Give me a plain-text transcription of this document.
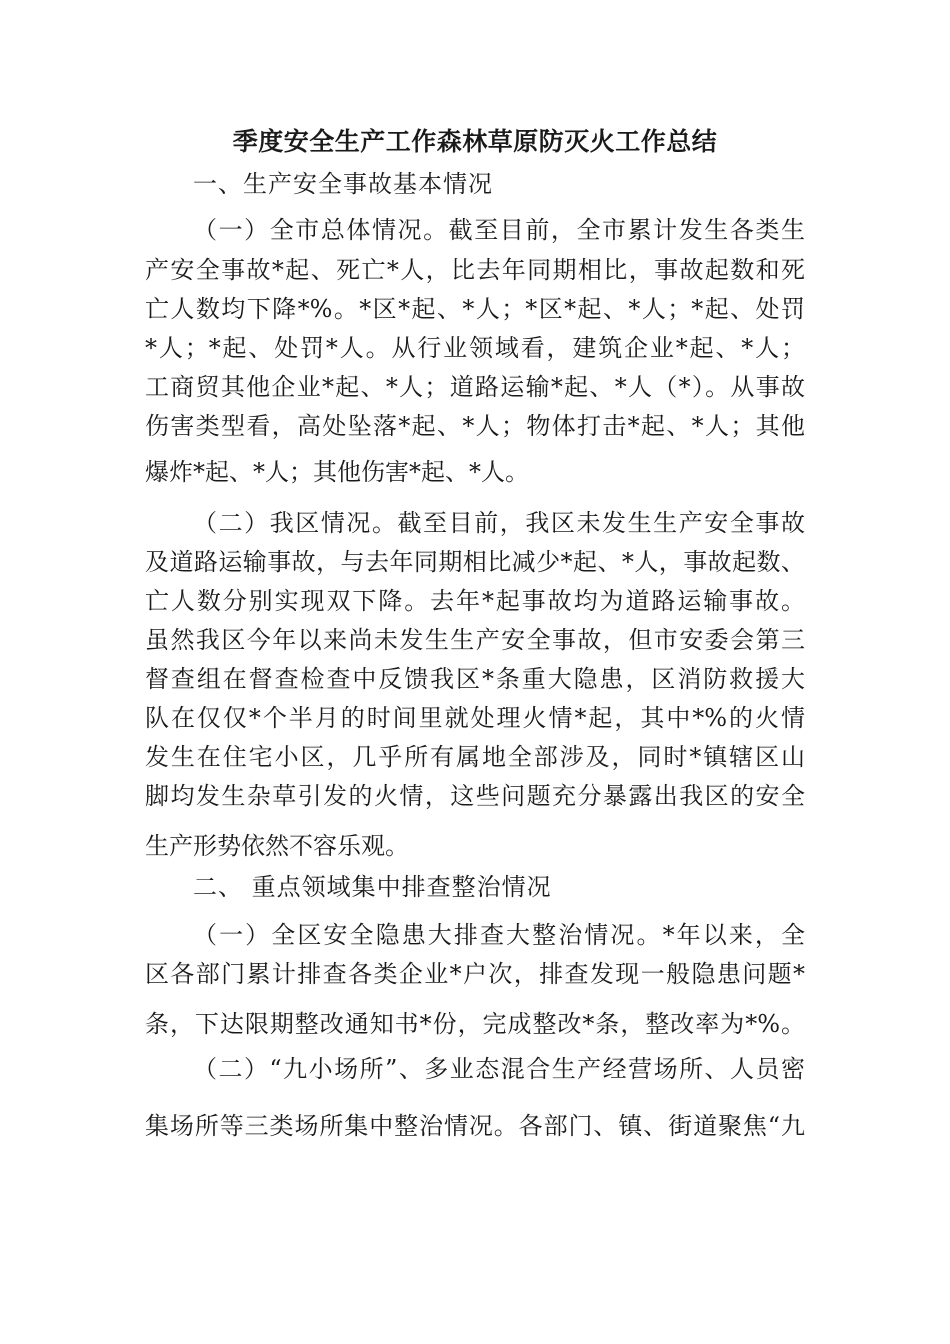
季度安全生产工作森林草原防灭火工作总结
一、生产安全事故基本情况
（一）全市总体情况。截至目前，全市累计发生各类生
产安全事故*起、死亡*人，比去年同期相比，事故起数和死
亡人数均下降*%。*区*起、*人；*区*起、*人；*起、处罚
*人；*起、处罚*人。从行业领域看，建筑企业*起、*人；
工商贸其他企业*起、*人；道路运输*起、*人（*）。从事故
伤害类型看，高处坠落*起、*人；物体打击*起、*人；其他
爆炸*起、*人；其他伤害*起、*人。
（二）我区情况。截至目前，我区未发生生产安全事故
及道路运输事故，与去年同期相比减少*起、*人，事故起数、
亡人数分别实现双下降。去年*起事故均为道路运输事故。
虽然我区今年以来尚未发生生产安全事故，但市安委会第三
督查组在督查检查中反馈我区*条重大隐患，区消防救援大
队在仅仅*个半月的时间里就处理火情*起，其中*%的火情
发生在住宅小区，几乎所有属地全部涉及，同时*镇辖区山
脚均发生杂草引发的火情，这些问题充分暴露出我区的安全
生产形势依然不容乐观。
二、 重点领域集中排查整治情况
（一）全区安全隐患大排查大整治情况。*年以来，全
区各部门累计排查各类企业*户次，排查发现一般隐患问题*
条，下达限期整改通知书*份，完成整改*条，整改率为*%。
（二）“九小场所”、多业态混合生产经营场所、人员密
集场所等三类场所集中整治情况。各部门、镇、街道聚焦“九
